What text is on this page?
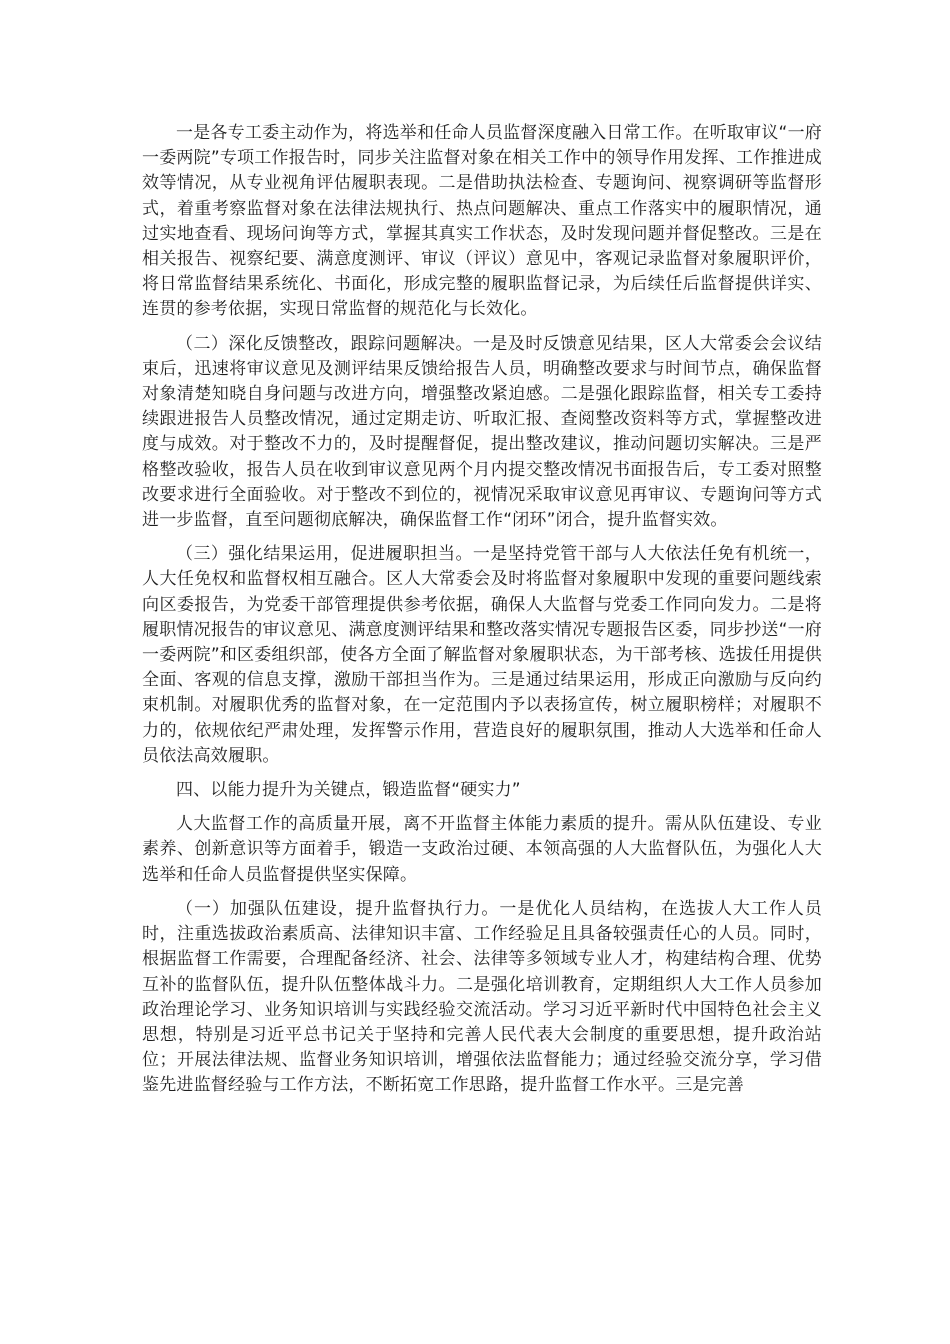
一是各专工委主动作为，将选举和任命人员监督深度融入日常工作。在听取审议“一府一委两院”专项工作报告时，同步关注监督对象在相关工作中的领导作用发挥、工作推进成效等情况，从专业视角评估履职表现。二是借助执法检查、专题询问、视察调研等监督形式，着重考察监督对象在法律法规执行、热点问题解决、重点工作落实中的履职情况，通过实地查看、现场问询等方式，掌握其真实工作状态，及时发现问题并督促整改。三是在相关报告、视察纪要、满意度测评、审议（评议）意见中，客观记录监督对象履职评价，将日常监督结果系统化、书面化，形成完整的履职监督记录，为后续任后监督提供详实、连贯的参考依据，实现日常监督的规范化与长效化。

（二）深化反馈整改，跟踪问题解决。一是及时反馈意见结果，区人大常委会会议结束后，迅速将审议意见及测评结果反馈给报告人员，明确整改要求与时间节点，确保监督对象清楚知晓自身问题与改进方向，增强整改紧迫感。二是强化跟踪监督，相关专工委持续跟进报告人员整改情况，通过定期走访、听取汇报、查阅整改资料等方式，掌握整改进度与成效。对于整改不力的，及时提醒督促，提出整改建议，推动问题切实解决。三是严格整改验收，报告人员在收到审议意见两个月内提交整改情况书面报告后，专工委对照整改要求进行全面验收。对于整改不到位的，视情况采取审议意见再审议、专题询问等方式进一步监督，直至问题彻底解决，确保监督工作“闭环”闭合，提升监督实效。

（三）强化结果运用，促进履职担当。一是坚持党管干部与人大依法任免有机统一，人大任免权和监督权相互融合。区人大常委会及时将监督对象履职中发现的重要问题线索向区委报告，为党委干部管理提供参考依据，确保人大监督与党委工作同向发力。二是将履职情况报告的审议意见、满意度测评结果和整改落实情况专题报告区委，同步抄送“一府一委两院”和区委组织部，使各方全面了解监督对象履职状态，为干部考核、选拔任用提供全面、客观的信息支撑，激励干部担当作为。三是通过结果运用，形成正向激励与反向约束机制。对履职优秀的监督对象，在一定范围内予以表扬宣传，树立履职榜样；对履职不力的，依规依纪严肃处理，发挥警示作用，营造良好的履职氛围，推动人大选举和任命人员依法高效履职。

四、以能力提升为关键点，锻造监督“硬实力”

人大监督工作的高质量开展，离不开监督主体能力素质的提升。需从队伍建设、专业素养、创新意识等方面着手，锻造一支政治过硬、本领高强的人大监督队伍，为强化人大选举和任命人员监督提供坚实保障。

（一）加强队伍建设，提升监督执行力。一是优化人员结构，在选拔人大工作人员时，注重选拔政治素质高、法律知识丰富、工作经验足且具备较强责任心的人员。同时，根据监督工作需要，合理配备经济、社会、法律等多领域专业人才，构建结构合理、优势互补的监督队伍，提升队伍整体战斗力。二是强化培训教育，定期组织人大工作人员参加政治理论学习、业务知识培训与实践经验交流活动。学习习近平新时代中国特色社会主义思想，特别是习近平总书记关于坚持和完善人民代表大会制度的重要思想，提升政治站位；开展法律法规、监督业务知识培训，增强依法监督能力；通过经验交流分享，学习借鉴先进监督经验与工作方法，不断拓宽工作思路，提升监督工作水平。三是完善
